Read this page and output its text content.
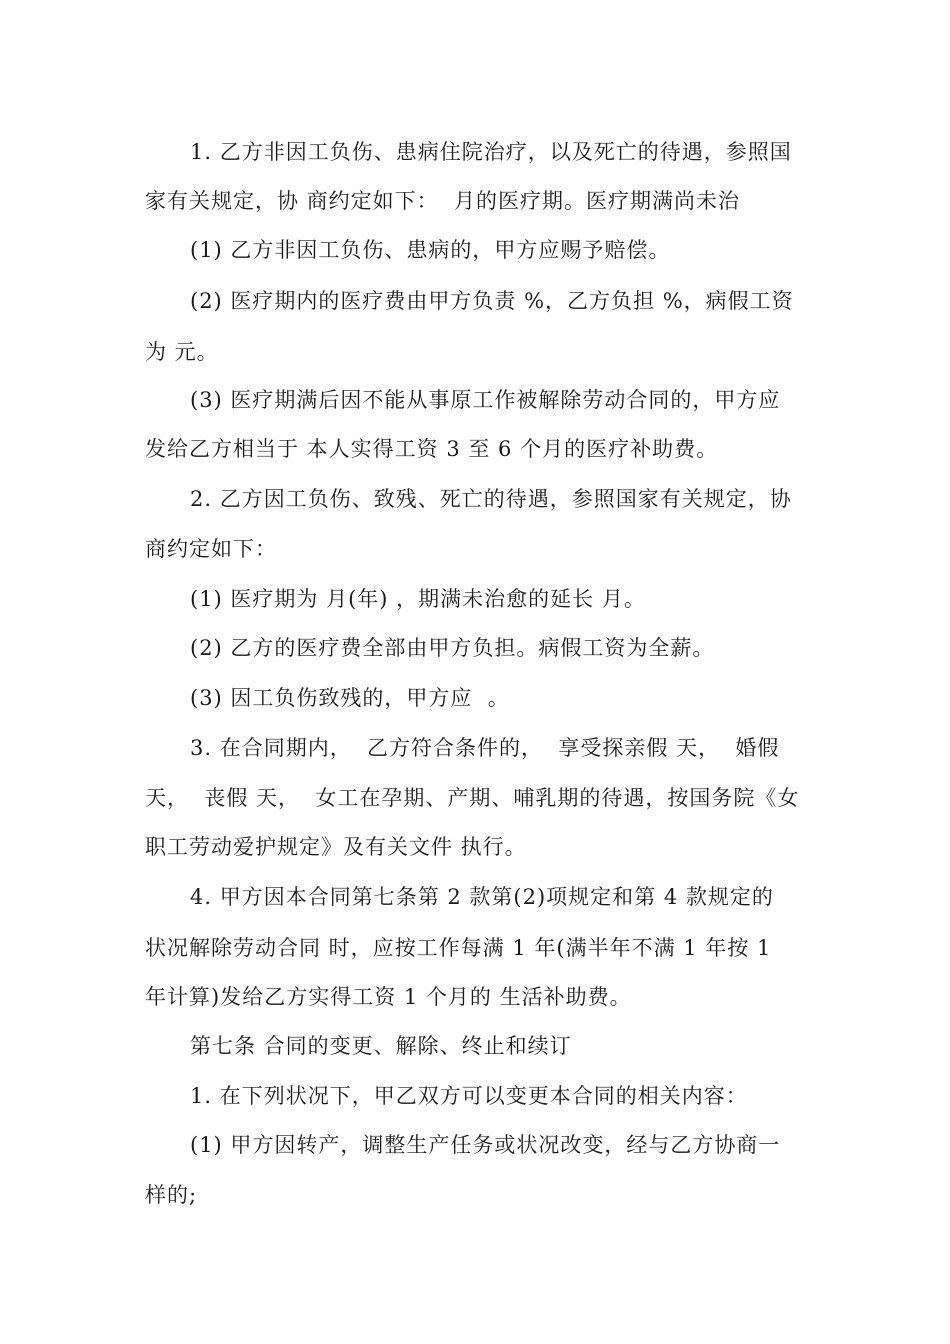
1. 乙方非因工负伤、患病住院治疗，以及死亡的待遇，参照国
家有关规定，协 商约定如下：  月的医疗期。医疗期满尚未治
(1) 乙方非因工负伤、患病的，甲方应赐予赔偿。
(2) 医疗期内的医疗费由甲方负责 %，乙方负担 %，病假工资
为 元。
(3) 医疗期满后因不能从事原工作被解除劳动合同的，甲方应
发给乙方相当于 本人实得工资 3 至 6 个月的医疗补助费。
2. 乙方因工负伤、致残、死亡的待遇，参照国家有关规定，协
商约定如下：
(1) 医疗期为 月(年) ，期满未治愈的延长 月。
(2) 乙方的医疗费全部由甲方负担。病假工资为全薪。
(3) 因工负伤致残的，甲方应  。
3. 在合同期内，  乙方符合条件的，  享受探亲假 天，  婚假
天，  丧假 天，  女工在孕期、产期、哺乳期的待遇，按国务院《女
职工劳动爱护规定》及有关文件 执行。
4. 甲方因本合同第七条第 2 款第(2)项规定和第 4 款规定的
状况解除劳动合同 时，应按工作每满 1 年(满半年不满 1 年按 1
年计算)发给乙方实得工资 1 个月的 生活补助费。
第七条 合同的变更、解除、终止和续订
1. 在下列状况下，甲乙双方可以变更本合同的相关内容：
(1) 甲方因转产，调整生产任务或状况改变，经与乙方协商一
样的;
